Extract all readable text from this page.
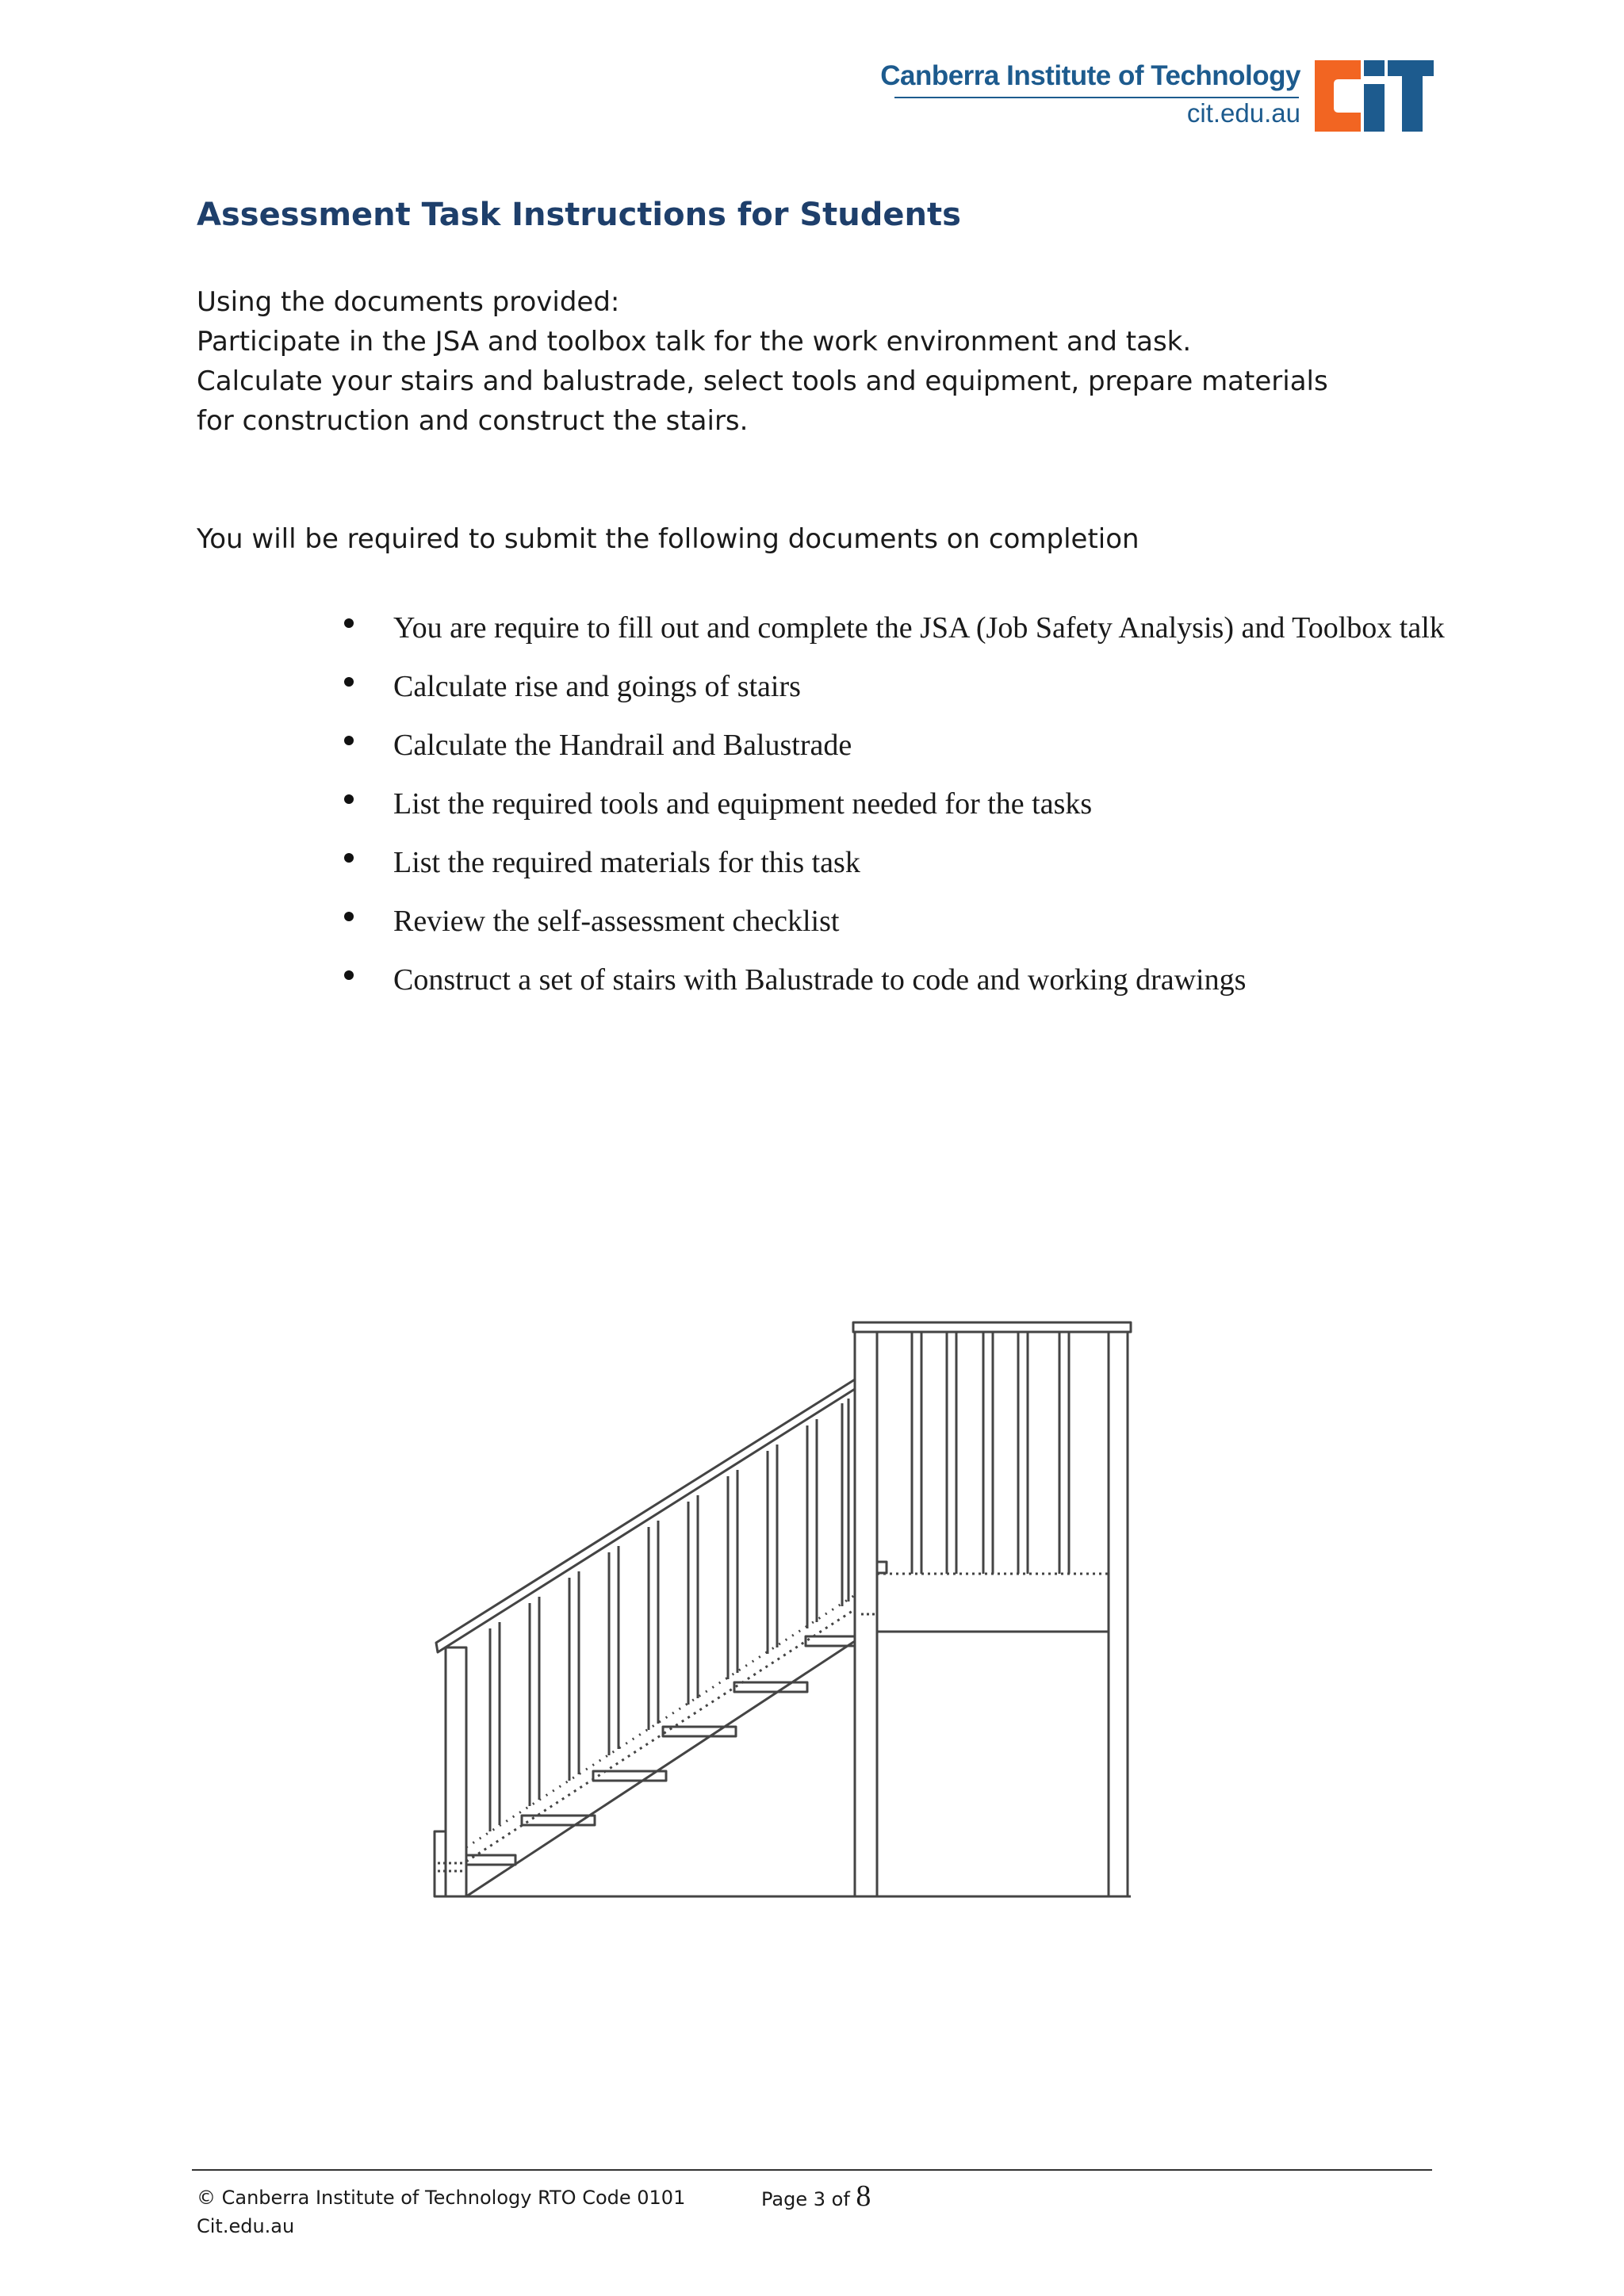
Canberra Institute of Technology
cit.edu.au
Assessment Task Instructions for Students
Using the documents provided:
Participate in the JSA and toolbox talk for the work environment and task.
Calculate your stairs and balustrade, select tools and equipment, prepare materials
for construction and construct the stairs.
You will be required to submit the following documents on completion
You are require to fill out and complete the JSA (Job Safety Analysis) and Toolbox talk
Calculate rise and goings of stairs
Calculate the Handrail and Balustrade
List the required tools and equipment needed for the tasks
List the required materials for this task
Review the self-assessment checklist
Construct a set of stairs with Balustrade to code and working drawings
© Canberra Institute of Technology RTO Code 0101
Cit.edu.au
Page 3 of 8
